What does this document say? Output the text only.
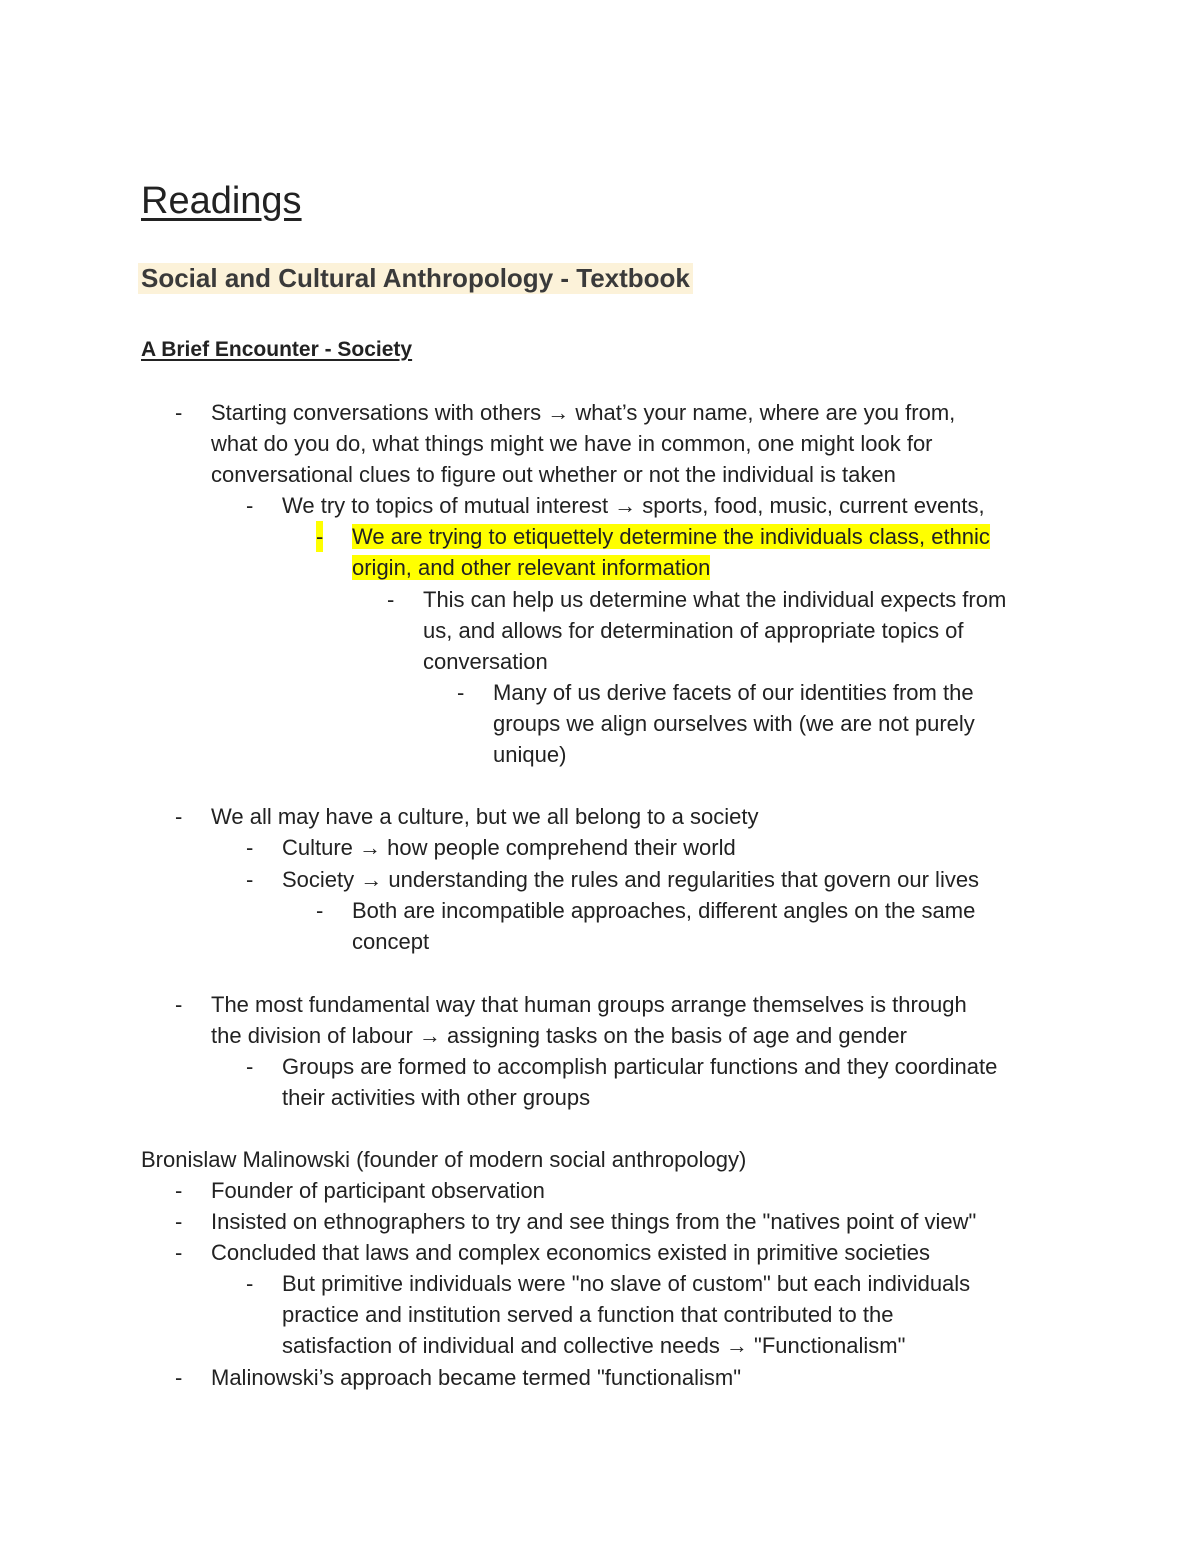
Readings
Social and Cultural Anthropology - Textbook
A Brief Encounter - Society
-
-
-
-
-
-
-
-
-
-
-
-
-
-
-
-
Starting conversations with others → what’s your name, where are you from,
what do you do, what things might we have in common, one might look for
conversational clues to figure out whether or not the individual is taken
We try to topics of mutual interest → sports, food, music, current events,
We are trying to etiquettely determine the individuals class, ethnic
origin, and other relevant information
This can help us determine what the individual expects from
us, and allows for determination of appropriate topics of
conversation
Many of us derive facets of our identities from the
groups we align ourselves with (we are not purely
unique)
We all may have a culture, but we all belong to a society
Culture → how people comprehend their world
Society → understanding the rules and regularities that govern our lives
Both are incompatible approaches, different angles on the same
concept
The most fundamental way that human groups arrange themselves is through
the division of labour → assigning tasks on the basis of age and gender
Groups are formed to accomplish particular functions and they coordinate
their activities with other groups
Bronislaw Malinowski (founder of modern social anthropology)
Founder of participant observation
Insisted on ethnographers to try and see things from the "natives point of view"
Concluded that laws and complex economics existed in primitive societies
But primitive individuals were "no slave of custom" but each individuals
practice and institution served a function that contributed to the
satisfaction of individual and collective needs → "Functionalism"
Malinowski’s approach became termed "functionalism"
